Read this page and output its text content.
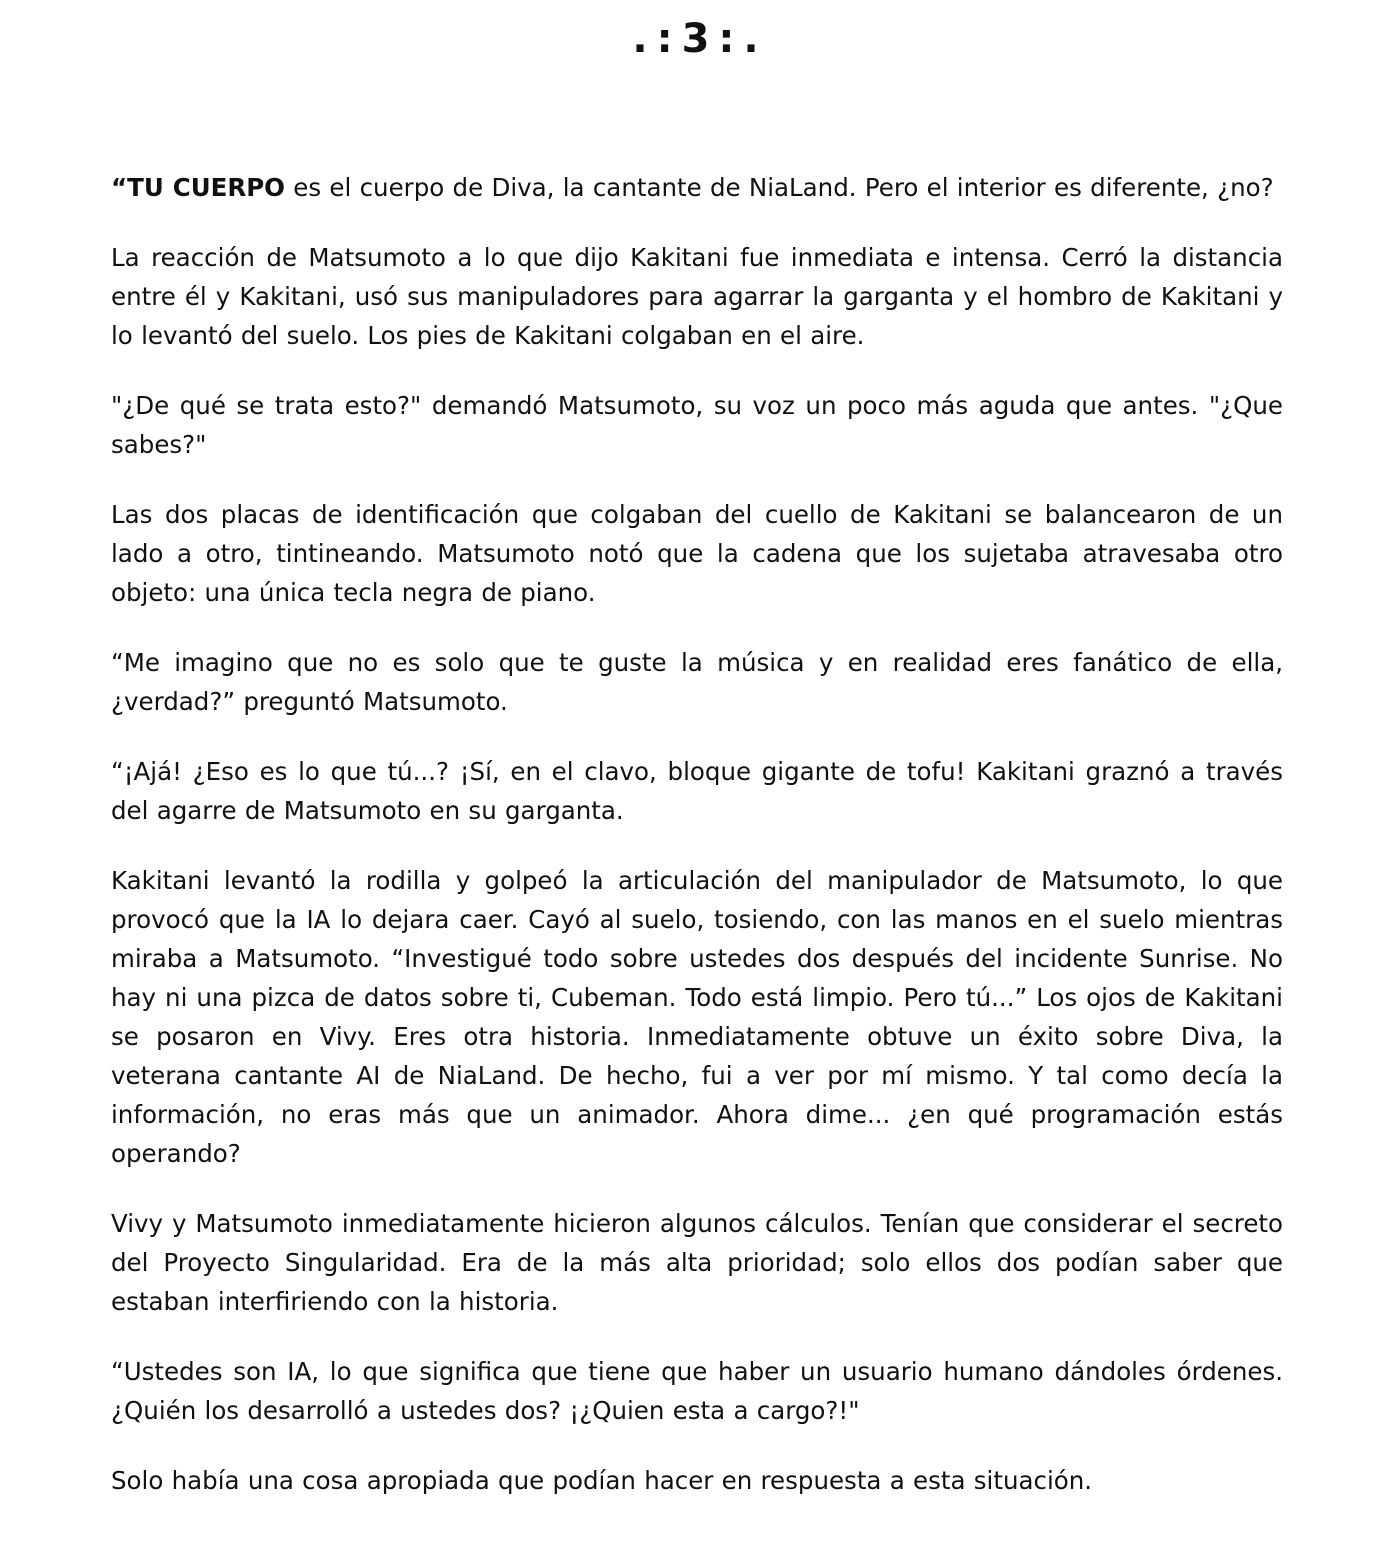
.:3:.

“TU CUERPO es el cuerpo de Diva, la cantante de NiaLand. Pero el interior es diferente, ¿no?

La reacción de Matsumoto a lo que dijo Kakitani fue inmediata e intensa. Cerró la distancia entre él y Kakitani, usó sus manipuladores para agarrar la garganta y el hombro de Kakitani y lo levantó del suelo. Los pies de Kakitani colgaban en el aire.

"¿De qué se trata esto?" demandó Matsumoto, su voz un poco más aguda que antes. "¿Que sabes?"

Las dos placas de identificación que colgaban del cuello de Kakitani se balancearon de un lado a otro, tintineando. Matsumoto notó que la cadena que los sujetaba atravesaba otro objeto: una única tecla negra de piano.

“Me imagino que no es solo que te guste la música y en realidad eres fanático de ella, ¿verdad?” preguntó Matsumoto.

“¡Ajá! ¿Eso es lo que tú...? ¡Sí, en el clavo, bloque gigante de tofu! Kakitani graznó a través del agarre de Matsumoto en su garganta.

Kakitani levantó la rodilla y golpeó la articulación del manipulador de Matsumoto, lo que provocó que la IA lo dejara caer. Cayó al suelo, tosiendo, con las manos en el suelo mientras miraba a Matsumoto. “Investigué todo sobre ustedes dos después del incidente Sunrise. No hay ni una pizca de datos sobre ti, Cubeman. Todo está limpio. Pero tú...” Los ojos de Kakitani se posaron en Vivy. Eres otra historia. Inmediatamente obtuve un éxito sobre Diva, la veterana cantante AI de NiaLand. De hecho, fui a ver por mí mismo. Y tal como decía la información, no eras más que un animador. Ahora dime... ¿en qué programación estás operando?

Vivy y Matsumoto inmediatamente hicieron algunos cálculos. Tenían que considerar el secreto del Proyecto Singularidad. Era de la más alta prioridad; solo ellos dos podían saber que estaban interfiriendo con la historia.

“Ustedes son IA, lo que significa que tiene que haber un usuario humano dándoles órdenes. ¿Quién los desarrolló a ustedes dos? ¡¿Quien esta a cargo?!"

Solo había una cosa apropiada que podían hacer en respuesta a esta situación.
